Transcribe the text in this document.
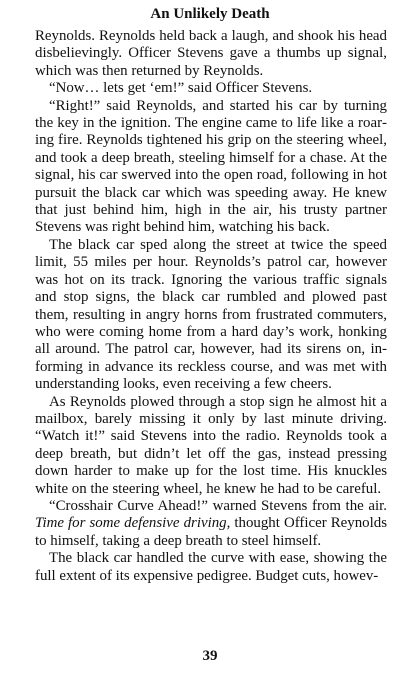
An Unlikely Death

Reynolds. Reynolds held back a laugh, and shook his head disbelievingly. Officer Stevens gave a thumbs up signal, which was then returned by Reynolds.

“Now… lets get ‘em!” said Officer Stevens.

“Right!” said Reynolds, and started his car by turning the key in the ignition. The engine came to life like a roaring fire. Reynolds tightened his grip on the steering wheel, and took a deep breath, steeling himself for a chase. At the signal, his car swerved into the open road, following in hot pursuit the black car which was speeding away. He knew that just behind him, high in the air, his trusty partner Stevens was right behind him, watching his back.

The black car sped along the street at twice the speed limit, 55 miles per hour. Reynolds’s patrol car, however was hot on its track. Ignoring the various traffic signals and stop signs, the black car rumbled and plowed past them, resulting in angry horns from frustrated commuters, who were coming home from a hard day’s work, honking all around. The patrol car, however, had its sirens on, informing in advance its reckless course, and was met with understanding looks, even receiving a few cheers.

As Reynolds plowed through a stop sign he almost hit a mailbox, barely missing it only by last minute driving. “Watch it!” said Stevens into the radio. Reynolds took a deep breath, but didn’t let off the gas, instead pressing down harder to make up for the lost time. His knuckles white on the steering wheel, he knew he had to be careful.

“Crosshair Curve Ahead!” warned Stevens from the air. Time for some defensive driving, thought Officer Reynolds to himself, taking a deep breath to steel himself.

The black car handled the curve with ease, showing the full extent of its expensive pedigree. Budget cuts, howev-

39
